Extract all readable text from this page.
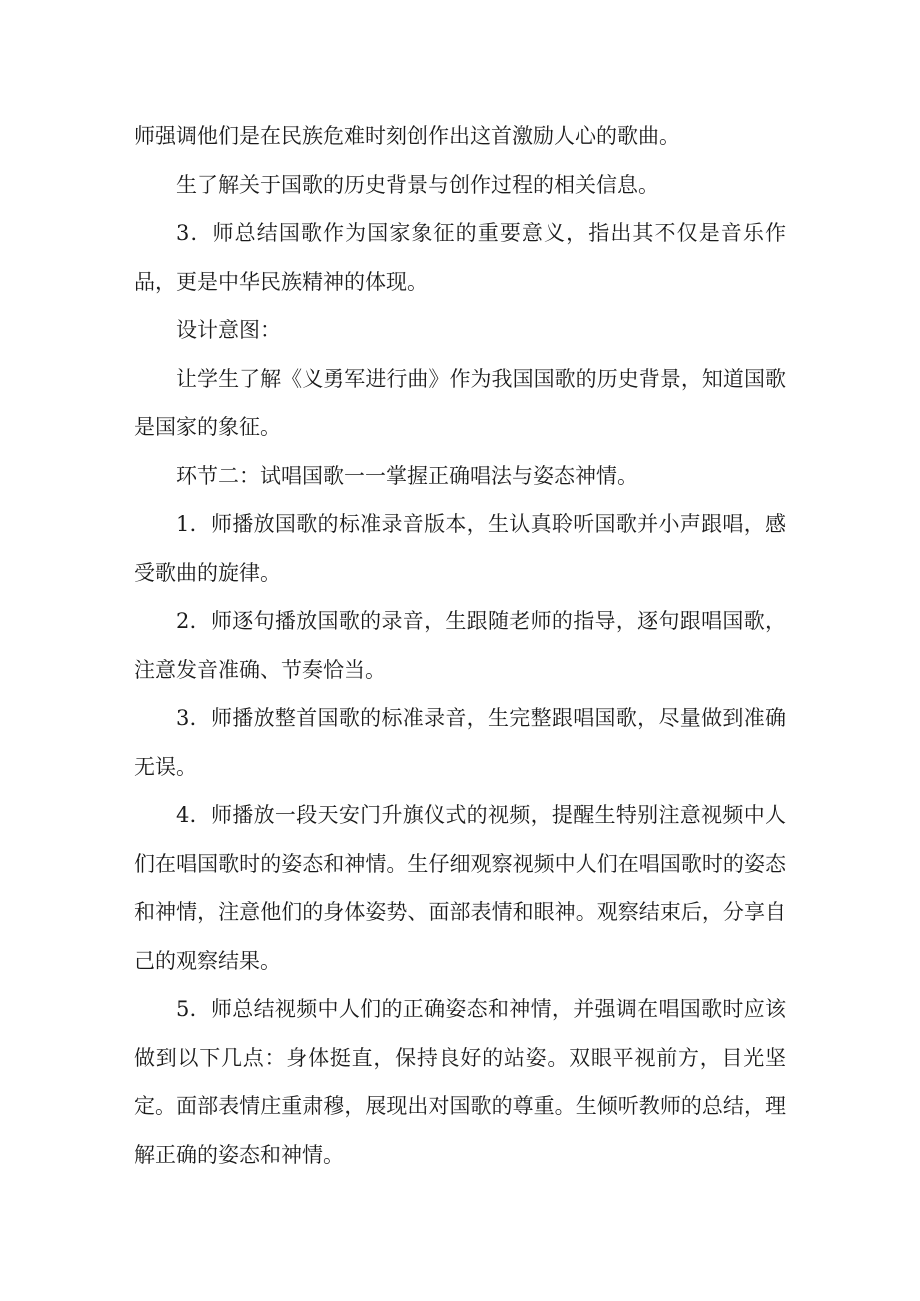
师强调他们是在民族危难时刻创作出这首激励人心的歌曲。

生了解关于国歌的历史背景与创作过程的相关信息。

3．师总结国歌作为国家象征的重要意义，指出其不仅是音乐作品，更是中华民族精神的体现。

设计意图：

让学生了解《义勇军进行曲》作为我国国歌的历史背景，知道国歌是国家的象征。

环节二：试唱国歌一一掌握正确唱法与姿态神情。

1．师播放国歌的标准录音版本，生认真聆听国歌并小声跟唱，感受歌曲的旋律。

2．师逐句播放国歌的录音，生跟随老师的指导，逐句跟唱国歌，注意发音准确、节奏恰当。

3．师播放整首国歌的标准录音，生完整跟唱国歌，尽量做到准确无误。

4．师播放一段天安门升旗仪式的视频，提醒生特别注意视频中人们在唱国歌时的姿态和神情。生仔细观察视频中人们在唱国歌时的姿态和神情，注意他们的身体姿势、面部表情和眼神。观察结束后，分享自己的观察结果。

5．师总结视频中人们的正确姿态和神情，并强调在唱国歌时应该做到以下几点：身体挺直，保持良好的站姿。双眼平视前方，目光坚定。面部表情庄重肃穆，展现出对国歌的尊重。生倾听教师的总结，理解正确的姿态和神情。
